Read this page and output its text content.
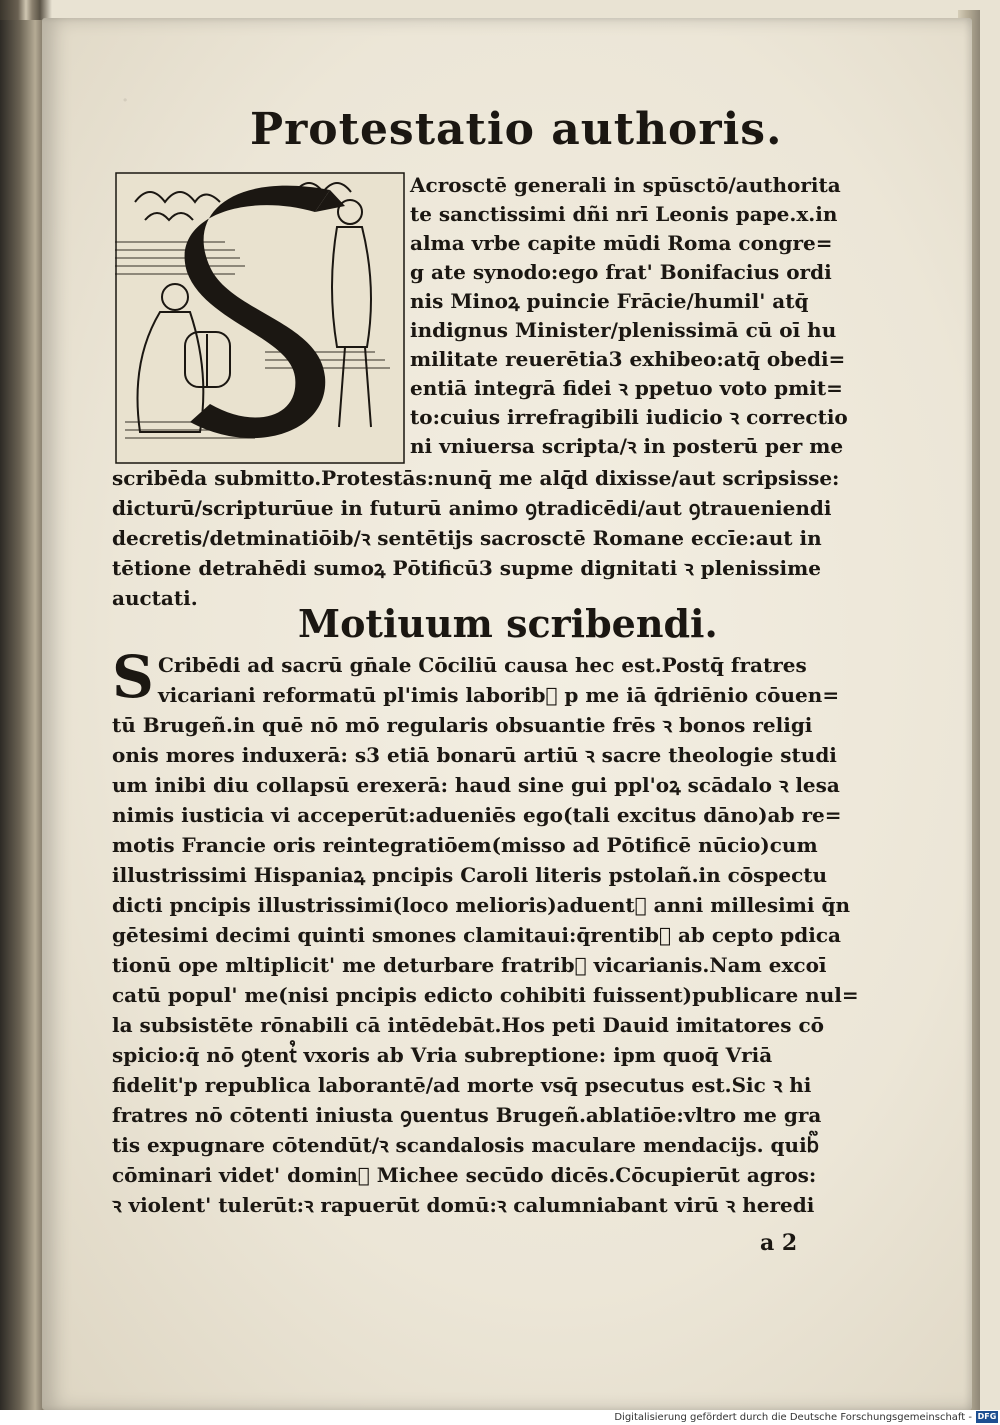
·
Protestatio authoris.
Acrosctē generali in spūsctō/authorita
te sanctissimi dñi nrī Leonis pape.x.in
alma vrbe capite mūdi Roma congre=
g ate synodo:ego frat' Bonifacius ordi
nis Minoꝝ puincie Frācie/humil' atq̄
indignus Minister/plenissimā cū oī hu
militate reuerētia3 exhibeo:atq̄ obedi=
entiā integrā fidei ꝛ ppetuo voto pmit=
to:cuius irrefragibili iudicio ꝛ correctio
ni vniuersa scripta/ꝛ in posterū per me
scribēda submitto.Protestās:nunq̄ me alq̄d dixisse/aut scripsisse:
dicturū/scripturūue in futurū animo ꝯtradicēdi/aut ꝯtraueniendi
decretis/detminatiōib/ꝛ sentētijs sacrosctē Romane eccīe:aut in
tētione detrahēdi sumoꝝ Pōtificū3 supme dignitati ꝛ plenissime
auctati.
Motiuum scribendi.
S Cribēdi ad sacrū gn̄ale Cōciliū causa hec est.Postq̄ fratres
vicariani reformatū pl'imis laborib᷑ p me iā q̄driēnio cōuen=
tū Brugeñ.in quē nō mō regularis obsuantie frēs ꝛ bonos religi
onis mores induxerā: s3 etiā bonarū artiū ꝛ sacre theologie studi
um inibi diu collapsū erexerā: haud sine gui ppl'oꝝ scādalo ꝛ lesa
nimis iusticia vi acceperūt:adueniēs ego(tali excitus dāno)ab re=
motis Francie oris reintegratiōem(misso ad Pōtificē nūcio)cum
illustrissimi Hispaniaꝝ pncipis Caroli literis pstolañ.in cōspectu
dicti pncipis illustrissimi(loco melioris)aduent᷒ anni millesimi q̄n
gētesimi decimi quinti smones clamitaui:q̄rentib᷑ ab cepto pdica
tionū ope mltiplicit' me deturbare fratrib᷑ vicarianis.Nam excoī
catū popul' me(nisi pncipis edicto cohibiti fuissent)publicare nul=
la subsistēte rōnabili cā intēdebāt.Hos peti Dauid imitatores cō
spicio:q̄ nō ꝯtent᷒ vxoris ab Vria subreptione: ipm quoq̄ Vriā
fidelit'p republica laborantē/ad morte vsq̄ psecutus est.Sic ꝛ hi
fratres nō cōtenti iniusta ꝯuentus Brugeñ.ablatiōe:vltro me gra
tis expugnare cōtendūt/ꝛ scandalosis maculare mendacijs. quib᷑
cōminari videt' domin᷒ Michee secūdo dicēs.Cōcupierūt agros:
ꝛ violent' tulerūt:ꝛ rapuerūt domū:ꝛ calumniabant virū ꝛ heredi
a 2
Digitalisierung gefördert durch die Deutsche Forschungsgemeinschaft - DFG
